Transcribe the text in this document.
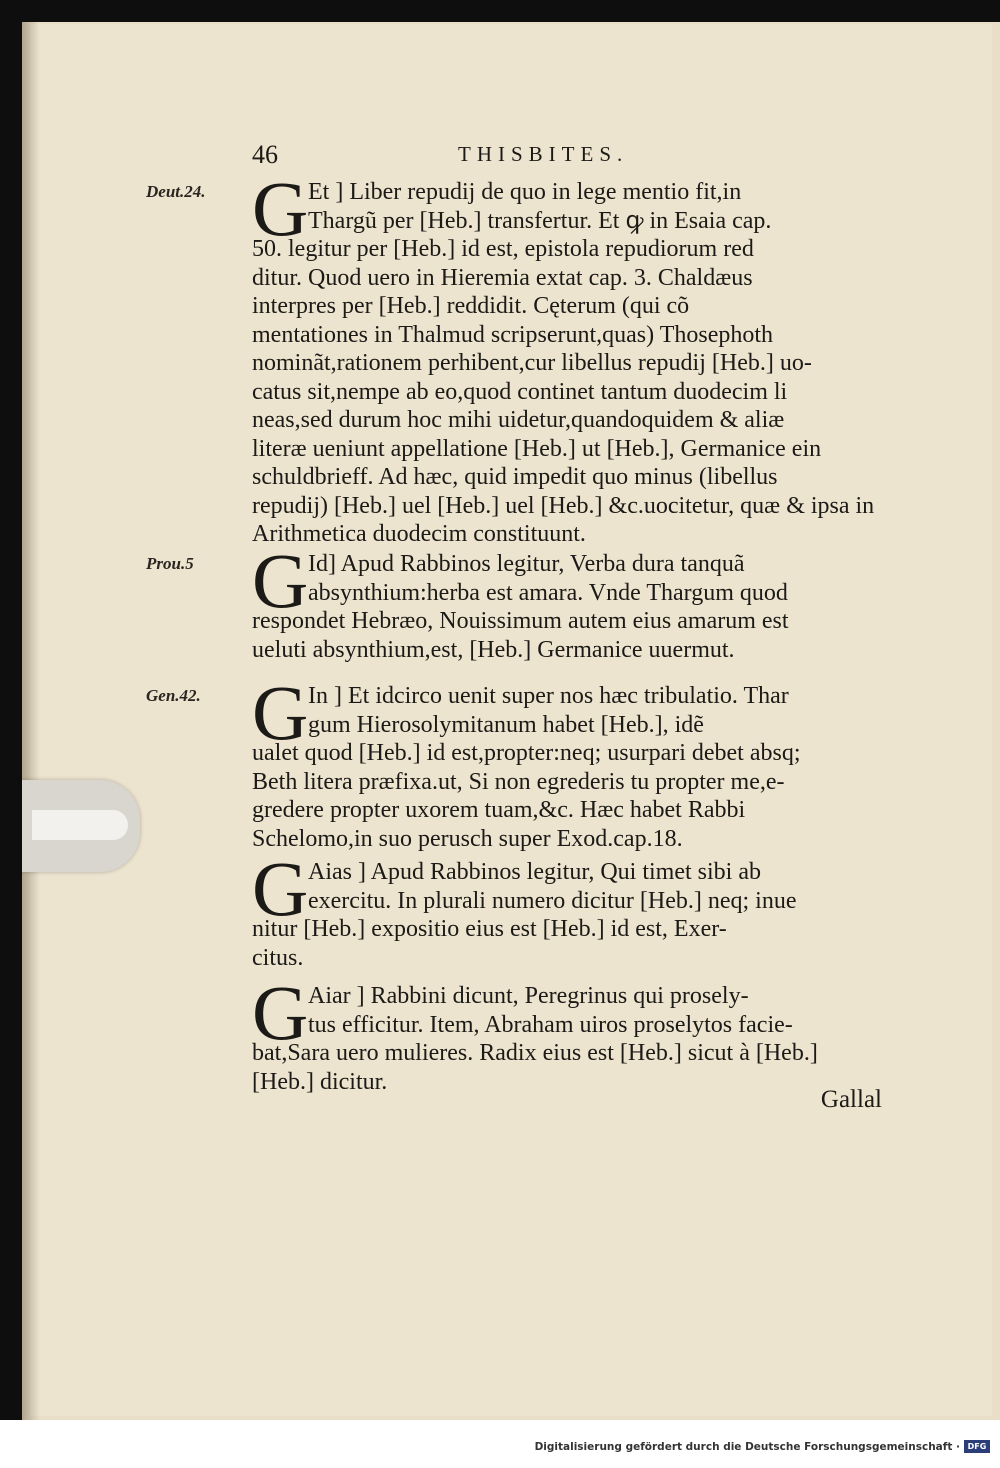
46	THISBITES.
Deut.24. G Et ] Liber repudij de quo in lege mentio fit,in
Thargũ per [Heb.] transfertur. Et ꝙ in Esaia cap.
50. legitur per [Heb.] id est, epistola repudiorum red
ditur. Quod uero in Hieremia extat cap. 3. Chaldæus
interpres per [Heb.] reddidit. Cęterum (qui cõ
mentationes in Thalmud scripserunt,quas) Thosephoth
nominãt,rationem perhibent,cur libellus repudij [Heb.] uo-
catus sit,nempe ab eo,quod continet tantum duodecim li
neas,sed durum hoc mihi uidetur,quandoquidem & aliæ
literæ ueniunt appellatione [Heb.] ut [Heb.], Germanice ein
schuldbrieff. Ad hæc, quid impedit quo minus (libellus
repudij) [Heb.] uel [Heb.] uel [Heb.] &c.uocitetur, quæ & ipsa in
Arithmetica duodecim constituunt.
Prou.5 G Id] Apud Rabbinos legitur, Verba dura tanquã
absynthium:herba est amara. Vnde Thargum quod
respondet Hebræo, Nouissimum autem eius amarum est
ueluti absynthium,est, [Heb.] Germanice uuermut.
Gen.42. G In ] Et idcirco uenit super nos hæc tribulatio. Thar
gum Hierosolymitanum habet [Heb.], idẽ
ualet quod [Heb.] id est,propter:neq; usurpari debet absq;
Beth litera præfixa.ut, Si non egrederis tu propter me,e-
gredere propter uxorem tuam,&c. Hæc habet Rabbi
Schelomo,in suo perusch super Exod.cap.18.
G Aias ] Apud Rabbinos legitur, Qui timet sibi ab
exercitu. In plurali numero dicitur [Heb.] neq; inue
nitur [Heb.] expositio eius est [Heb.] id est, Exer-
citus.
G Aiar ] Rabbini dicunt, Peregrinus qui prosely-
tus efficitur. Item, Abraham uiros proselytos facie-
bat,Sara uero mulieres. Radix eius est [Heb.] sicut à [Heb.]
[Heb.] dicitur.
Gallal
Digitalisierung gefördert durch die Deutsche Forschungsgemeinschaft · DFG
